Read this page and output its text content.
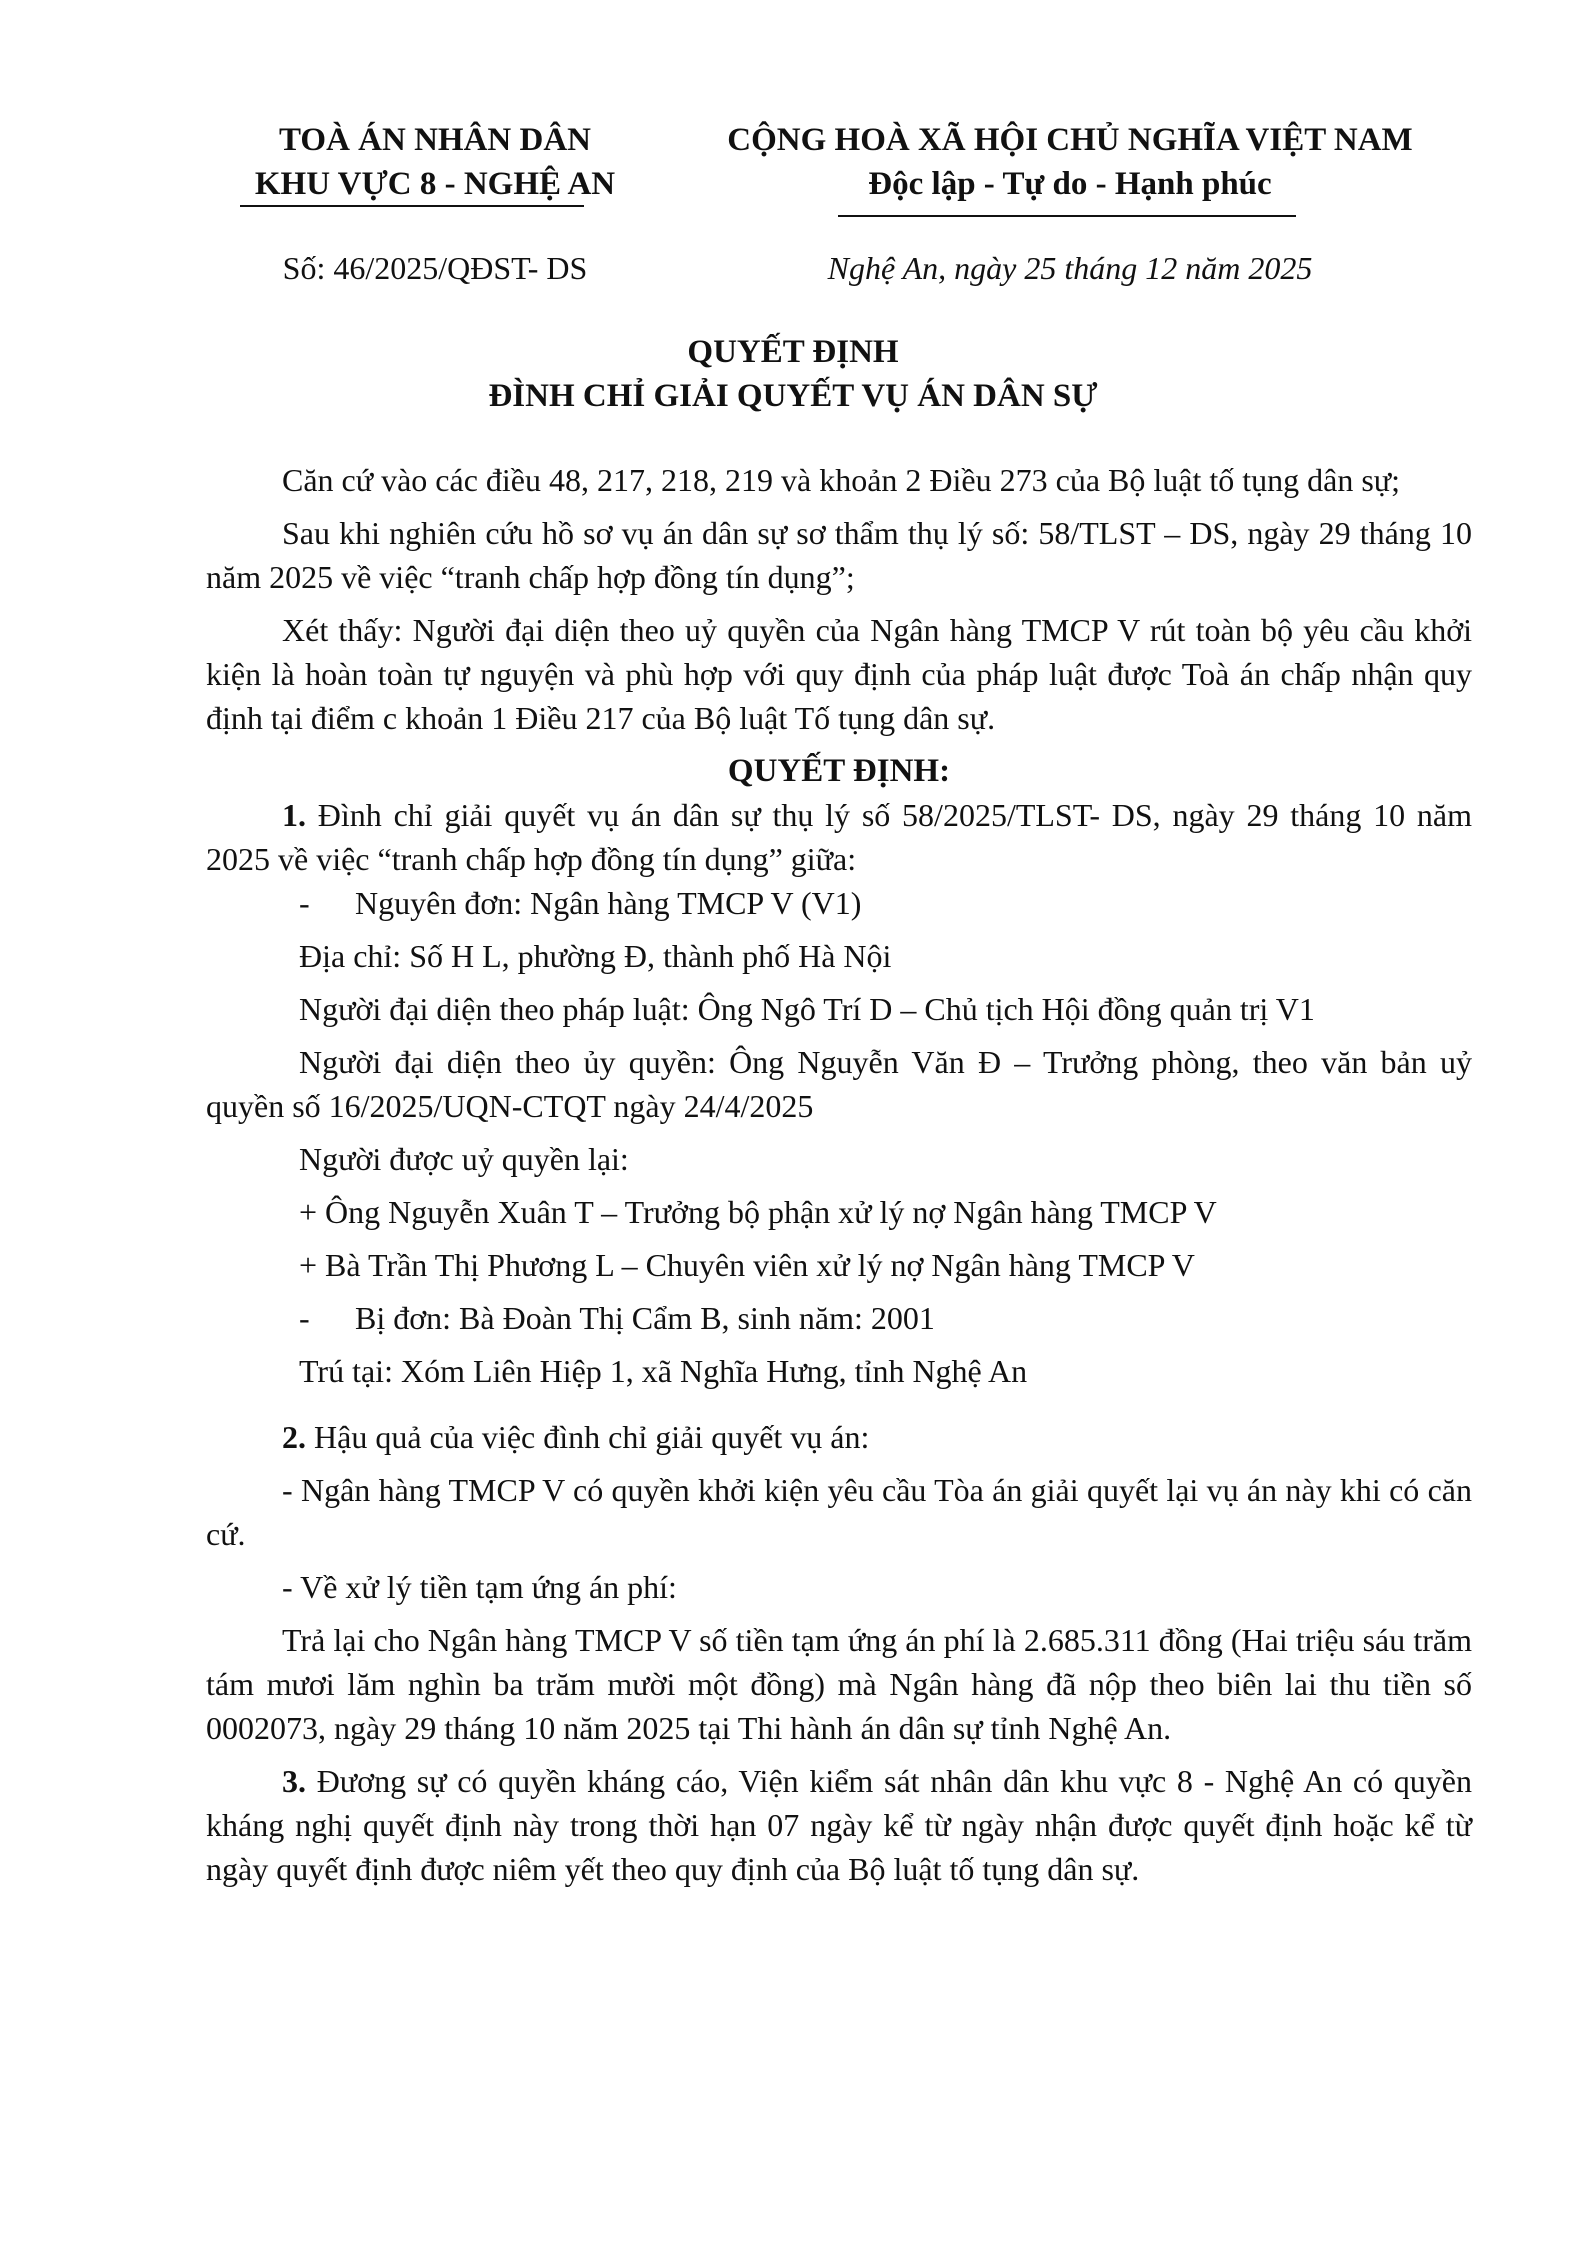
TOÀ ÁN NHÂN DÂN
KHU VỰC 8 - NGHỆ AN
CỘNG HOÀ XÃ HỘI CHỦ NGHĨA VIỆT NAM
Độc lập - Tự do - Hạnh phúc
Số: 46/2025/QĐST- DS	Nghệ An, ngày 25 tháng 12 năm 2025
QUYẾT ĐỊNH
ĐÌNH CHỈ GIẢI QUYẾT VỤ ÁN DÂN SỰ

Căn cứ vào các điều 48, 217, 218, 219 và khoản 2 Điều 273 của Bộ luật tố tụng dân sự;

Sau khi nghiên cứu hồ sơ vụ án dân sự sơ thẩm thụ lý số: 58/TLST – DS, ngày 29 tháng 10 năm 2025 về việc “tranh chấp hợp đồng tín dụng”;

Xét thấy: Người đại diện theo uỷ quyền của Ngân hàng TMCP V rút toàn bộ yêu cầu khởi kiện là hoàn toàn tự nguyện và phù hợp với quy định của pháp luật được Toà án chấp nhận quy định tại điểm c khoản 1 Điều 217 của Bộ luật Tố tụng dân sự.

QUYẾT ĐỊNH:

1. Đình chỉ giải quyết vụ án dân sự thụ lý số 58/2025/TLST- DS, ngày 29 tháng 10 năm 2025 về việc “tranh chấp hợp đồng tín dụng” giữa:

-	Nguyên đơn: Ngân hàng TMCP V (V1)

Địa chỉ: Số H L, phường Đ, thành phố Hà Nội

Người đại diện theo pháp luật: Ông Ngô Trí D – Chủ tịch Hội đồng quản trị V1

Người đại diện theo ủy quyền: Ông Nguyễn Văn Đ – Trưởng phòng, theo văn bản uỷ quyền số 16/2025/UQN-CTQT ngày 24/4/2025

Người được uỷ quyền lại:

+ Ông Nguyễn Xuân T – Trưởng bộ phận xử lý nợ Ngân hàng TMCP V

+ Bà Trần Thị Phương L – Chuyên viên xử lý nợ Ngân hàng TMCP V

-	Bị đơn: Bà Đoàn Thị Cẩm B, sinh năm: 2001

Trú tại: Xóm Liên Hiệp 1, xã Nghĩa Hưng, tỉnh Nghệ An

2. Hậu quả của việc đình chỉ giải quyết vụ án:

- Ngân hàng TMCP V có quyền khởi kiện yêu cầu Tòa án giải quyết lại vụ án này khi có căn cứ.

- Về xử lý tiền tạm ứng án phí:

Trả lại cho Ngân hàng TMCP V số tiền tạm ứng án phí là 2.685.311 đồng (Hai triệu sáu trăm tám mươi lăm nghìn ba trăm mười một đồng) mà Ngân hàng đã nộp theo biên lai thu tiền số 0002073, ngày 29 tháng 10 năm 2025 tại Thi hành án dân sự tỉnh Nghệ An.

3. Đương sự có quyền kháng cáo, Viện kiểm sát nhân dân khu vực 8 - Nghệ An có quyền kháng nghị quyết định này trong thời hạn 07 ngày kể từ ngày nhận được quyết định hoặc kể từ ngày quyết định được niêm yết theo quy định của Bộ luật tố tụng dân sự.
